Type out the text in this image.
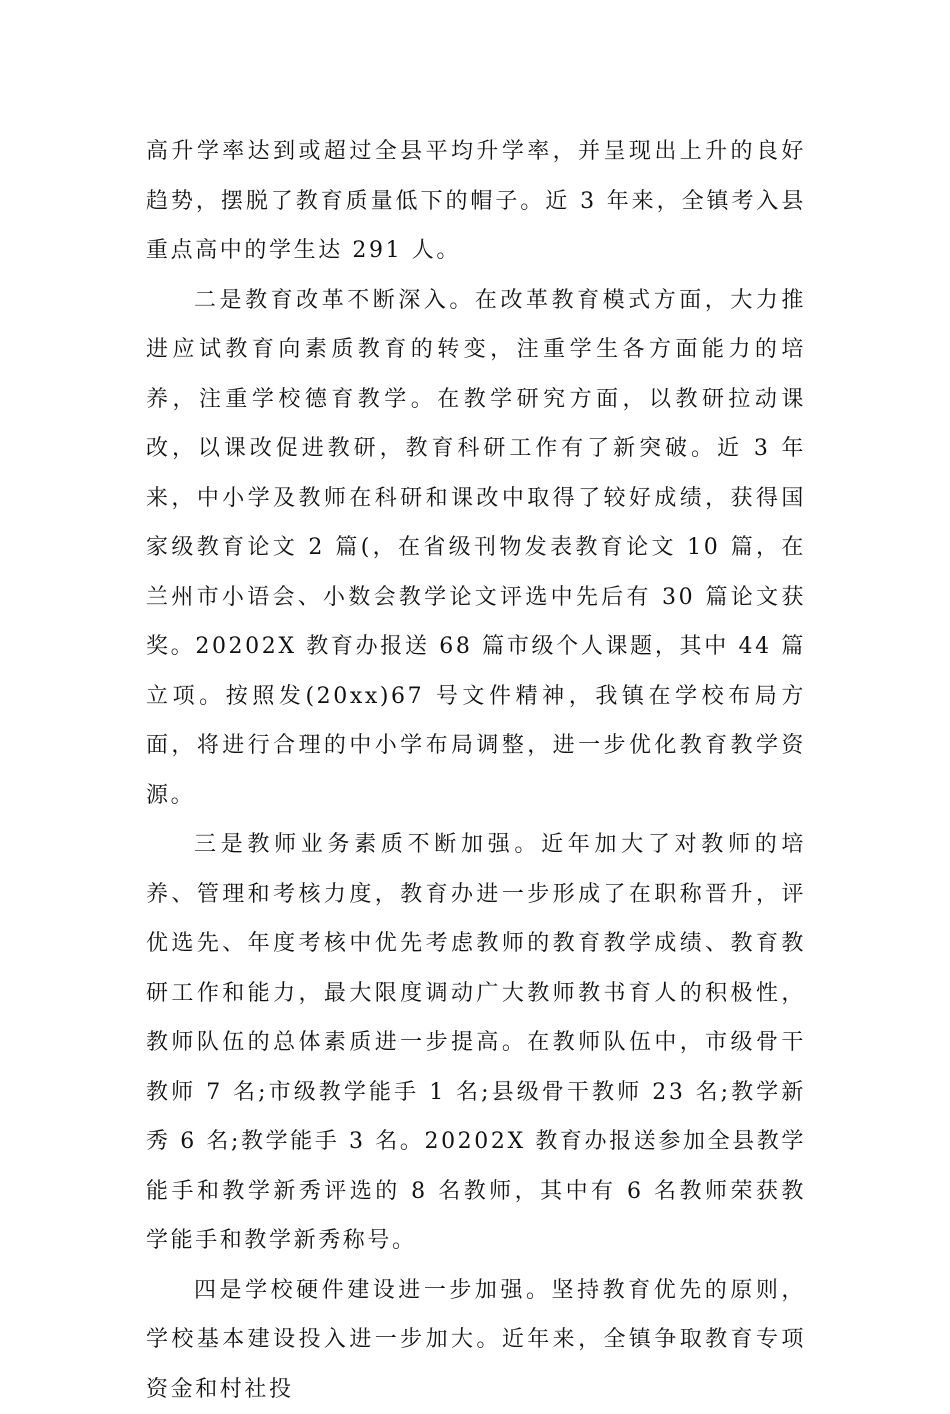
高升学率达到或超过全县平均升学率，并呈现出上升的良好趋势，摆脱了教育质量低下的帽子。近 3 年来，全镇考入县重点高中的学生达 291 人。

二是教育改革不断深入。在改革教育模式方面，大力推进应试教育向素质教育的转变，注重学生各方面能力的培养，注重学校德育教学。在教学研究方面，以教研拉动课改，以课改促进教研，教育科研工作有了新突破。近 3 年来，中小学及教师在科研和课改中取得了较好成绩，获得国家级教育论文 2 篇(，在省级刊物发表教育论文 10 篇，在兰州市小语会、小数会教学论文评选中先后有 30 篇论文获奖。20202X 教育办报送 68 篇市级个人课题，其中 44 篇立项。按照发(20xx)67 号文件精神，我镇在学校布局方面，将进行合理的中小学布局调整，进一步优化教育教学资源。

三是教师业务素质不断加强。近年加大了对教师的培养、管理和考核力度，教育办进一步形成了在职称晋升，评优选先、年度考核中优先考虑教师的教育教学成绩、教育教研工作和能力，最大限度调动广大教师教书育人的积极性，教师队伍的总体素质进一步提高。在教师队伍中，市级骨干教师 7 名;市级教学能手 1 名;县级骨干教师 23 名;教学新秀 6 名;教学能手 3 名。20202X 教育办报送参加全县教学能手和教学新秀评选的 8 名教师，其中有 6 名教师荣获教学能手和教学新秀称号。

四是学校硬件建设进一步加强。坚持教育优先的原则，学校基本建设投入进一步加大。近年来，全镇争取教育专项资金和村社投
